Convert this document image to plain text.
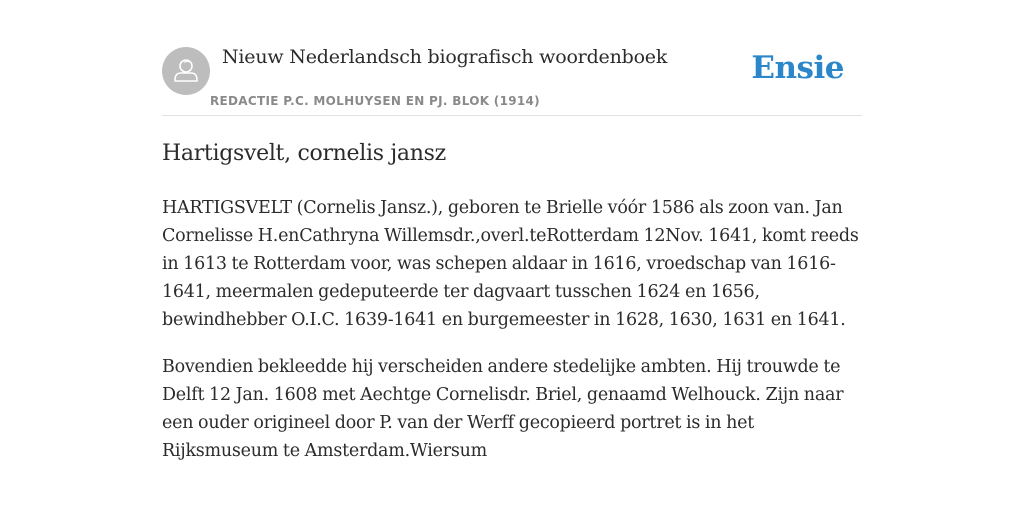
Nieuw Nederlandsch biografisch woordenboek
REDACTIE P.C. MOLHUYSEN EN PJ. BLOK (1914)
Ensie
Hartigsvelt, cornelis jansz

HARTIGSVELT (Cornelis Jansz.), geboren te Brielle vóór 1586 als zoon van. Jan Cornelisse H.enCathryna Willemsdr.,overl.teRotterdam 12Nov. 1641, komt reeds in 1613 te Rotterdam voor, was schepen aldaar in 1616, vroedschap van 1616-1641, meermalen gedeputeerde ter dagvaart tusschen 1624 en 1656, bewindhebber O.I.C. 1639-1641 en burgemeester in 1628, 1630, 1631 en 1641.

Bovendien bekleedde hij verscheiden andere stedelijke ambten. Hij trouwde te Delft 12 Jan. 1608 met Aechtge Cornelisdr. Briel, genaamd Welhouck. Zijn naar een ouder origineel door P. van der Werff gecopieerd portret is in het Rijksmuseum te Amsterdam.Wiersum
